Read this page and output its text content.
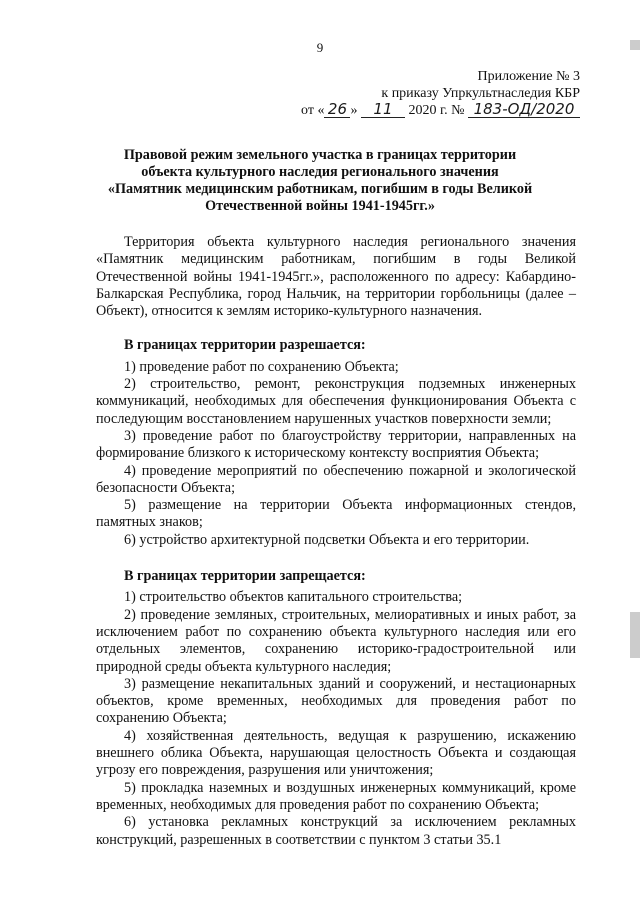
9
Приложение № 3
к приказу Упркультнаследия КБР
от « 26 » 11 2020 г. № 183-ОД/2020
Правовой режим земельного участка в границах территории
объекта культурного наследия регионального значения
«Памятник медицинским работникам, погибшим в годы Великой
Отечественной войны 1941-1945гг.»

Территория объекта культурного наследия регионального значения «Памятник медицинским работникам, погибшим в годы Великой Отечественной войны 1941-1945гг.», расположенного по адресу: Кабардино-Балкарская Республика, город Нальчик, на территории горбольницы (далее – Объект), относится к землям историко-культурного назначения.

В границах территории разрешается:

1) проведение работ по сохранению Объекта;

2) строительство, ремонт, реконструкция подземных инженерных коммуникаций, необходимых для обеспечения функционирования Объекта с последующим восстановлением нарушенных участков поверхности земли;

3) проведение работ по благоустройству территории, направленных на формирование близкого к историческому контексту восприятия Объекта;

4) проведение мероприятий по обеспечению пожарной и экологической безопасности Объекта;

5) размещение на территории Объекта информационных стендов, памятных знаков;

6) устройство архитектурной подсветки Объекта и его территории.

В границах территории запрещается:

1) строительство объектов капитального строительства;

2) проведение земляных, строительных, мелиоративных и иных работ, за исключением работ по сохранению объекта культурного наследия или его отдельных элементов, сохранению историко-градостроительной или природной среды объекта культурного наследия;

3) размещение некапитальных зданий и сооружений, и нестационарных объектов, кроме временных, необходимых для проведения работ по сохранению Объекта;

4) хозяйственная деятельность, ведущая к разрушению, искажению внешнего облика Объекта, нарушающая целостность Объекта и создающая угрозу его повреждения, разрушения или уничтожения;

5) прокладка наземных и воздушных инженерных коммуникаций, кроме временных, необходимых для проведения работ по сохранению Объекта;

6) установка рекламных конструкций за исключением рекламных конструкций, разрешенных в соответствии с пунктом 3 статьи 35.1
